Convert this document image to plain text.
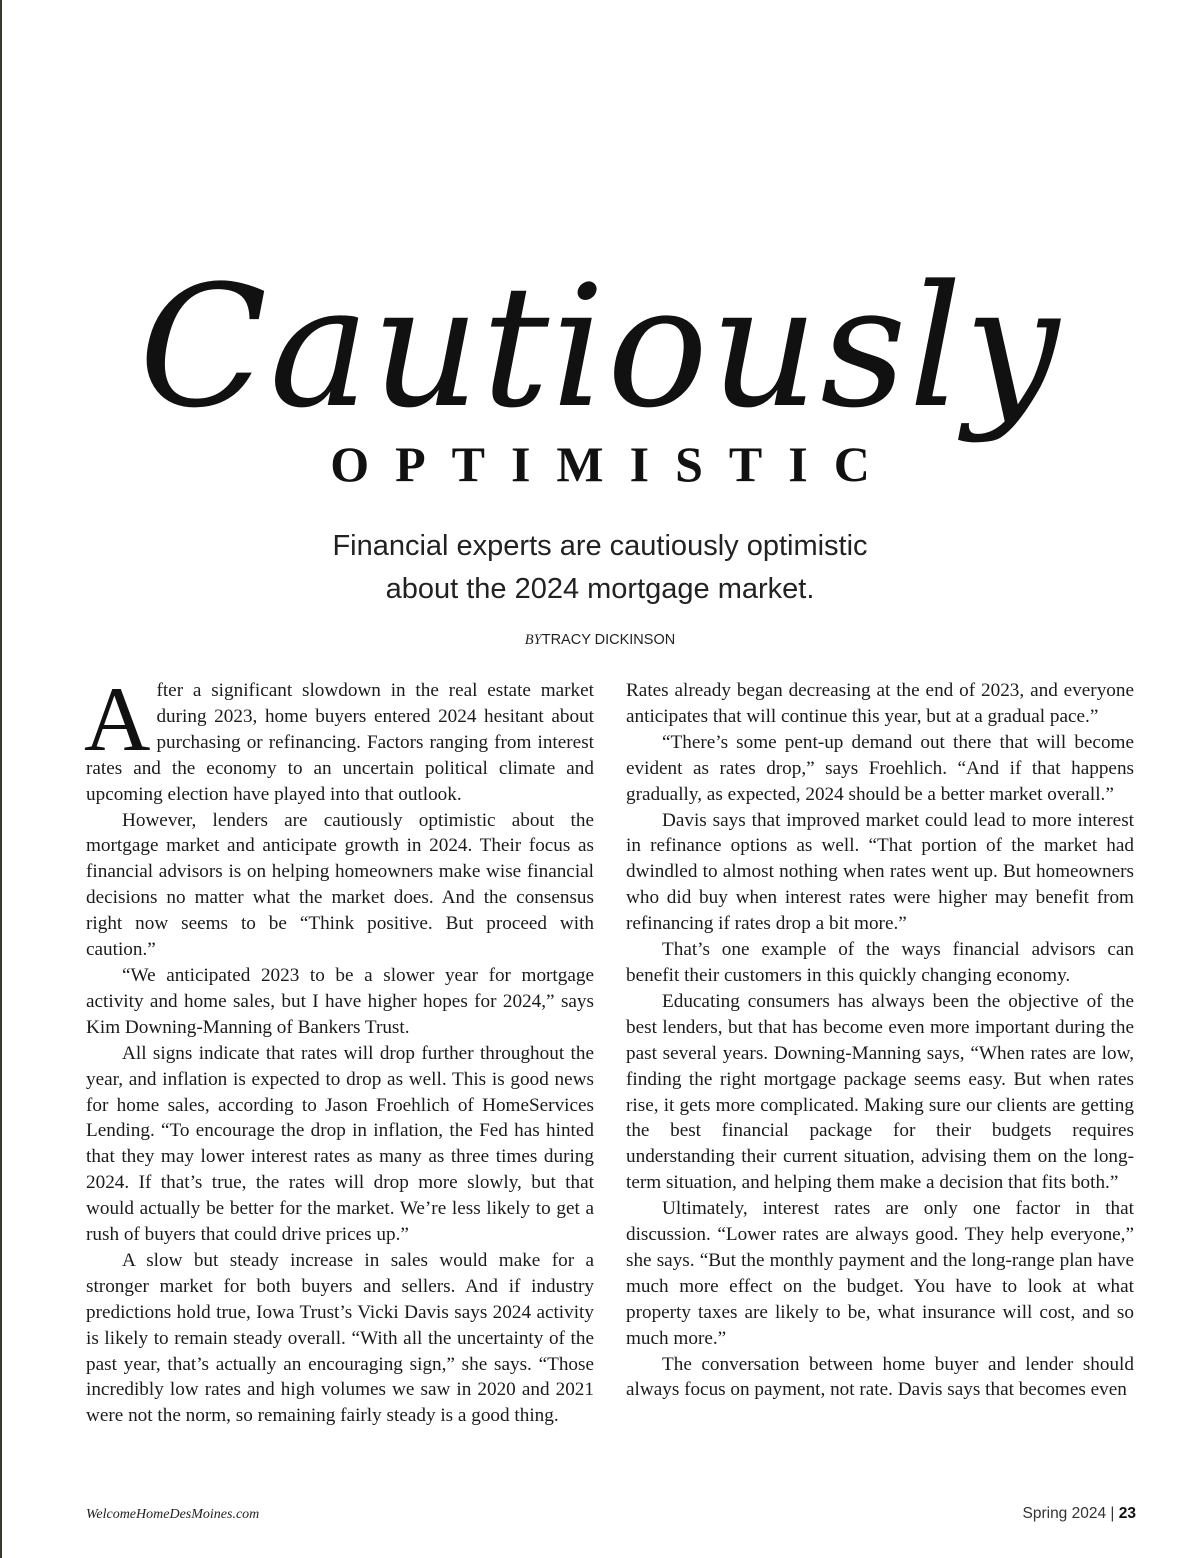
Cautiously
OPTIMISTIC
Financial experts are cautiously optimistic
about the 2024 mortgage market.
BYTRACY DICKINSON

After a significant slowdown in the real estate market during 2023, home buyers entered 2024 hesitant about purchasing or refinancing. Factors ranging from interest rates and the economy to an uncertain political climate and upcoming election have played into that outlook.

However, lenders are cautiously optimistic about the mortgage market and anticipate growth in 2024. Their focus as financial advisors is on helping homeowners make wise financial decisions no matter what the market does. And the consensus right now seems to be “Think positive. But proceed with caution.”

“We anticipated 2023 to be a slower year for mortgage activity and home sales, but I have higher hopes for 2024,” says Kim Downing-Manning of Bankers Trust.

All signs indicate that rates will drop further throughout the year, and inflation is expected to drop as well. This is good news for home sales, according to Jason Froehlich of HomeServices Lending. “To encourage the drop in inflation, the Fed has hinted that they may lower interest rates as many as three times during 2024. If that’s true, the rates will drop more slowly, but that would actually be better for the market. We’re less likely to get a rush of buyers that could drive prices up.”

A slow but steady increase in sales would make for a stronger market for both buyers and sellers. And if industry predictions hold true, Iowa Trust’s Vicki Davis says 2024 activity is likely to remain steady overall. “With all the uncertainty of the past year, that’s actually an encouraging sign,” she says. “Those incredibly low rates and high volumes we saw in 2020 and 2021 were not the norm, so remaining fairly steady is a good thing.

Rates already began decreasing at the end of 2023, and everyone anticipates that will continue this year, but at a gradual pace.”

“There’s some pent-up demand out there that will become evident as rates drop,” says Froehlich. “And if that happens gradually, as expected, 2024 should be a better market overall.”

Davis says that improved market could lead to more interest in refinance options as well. “That portion of the market had dwindled to almost nothing when rates went up. But homeowners who did buy when interest rates were higher may benefit from refinancing if rates drop a bit more.”

That’s one example of the ways financial advisors can benefit their customers in this quickly changing economy.

Educating consumers has always been the objective of the best lenders, but that has become even more important during the past several years. Downing-Manning says, “When rates are low, finding the right mortgage package seems easy. But when rates rise, it gets more complicated. Making sure our clients are getting the best financial package for their budgets requires understanding their current situation, advising them on the long-term situation, and helping them make a decision that fits both.”

Ultimately, interest rates are only one factor in that discussion. “Lower rates are always good. They help everyone,” she says. “But the monthly payment and the long-range plan have much more effect on the budget. You have to look at what property taxes are likely to be, what insurance will cost, and so much more.”

The conversation between home buyer and lender should always focus on payment, not rate. Davis says that becomes even

WelcomeHomeDesMoines.com	Spring 2024 | 23
